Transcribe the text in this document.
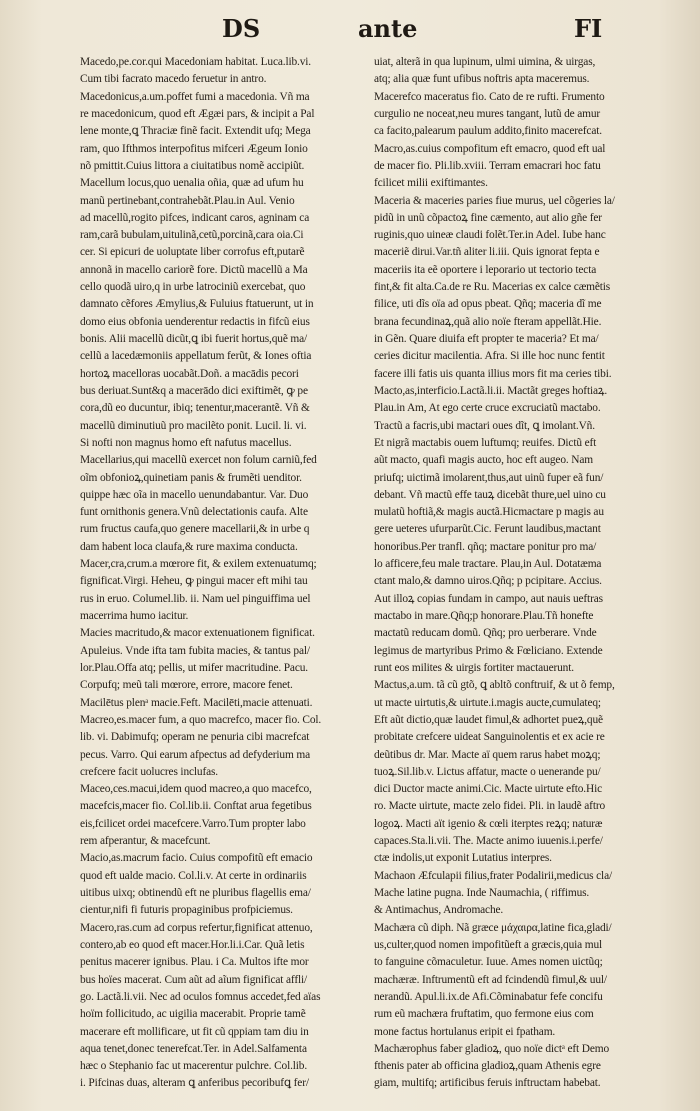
DS	ante	FI
Macedo,pe.cor.qui Macedoniam habitat. Luca.lib.vi.
Cum tibi facrato macedo feruetur in antro.
Macedonicus,a.um.poffet fumi a macedonia. Vñ ma
re macedonicum, quod eft Ægæi pars, & incipit a Pal
lene monte,ꝗ Thraciæ finẽ facit. Extendit ufq; Mega
ram, quo Ifthmos interpofitus mifceri Ægeum Ionio
nõ pmittit.Cuius littora a ciuitatibus nomẽ accipiũt.
Macellum locus,quo uenalia oñia, quæ ad ufum hu
manũ pertinebant,contrahebãt.Plau.in Aul. Venio
ad macellũ,rogito pifces, indicant caros, agninam ca
ram,carã bubulam,uitulinã,cetũ,porcinã,cara oia.Ci
cer. Si epicuri de uoluptate liber corrofus eft,putarẽ
annonã in macello cariorẽ fore. Dictũ macellũ a Ma
cello quodã uiro,q in urbe latrociniũ exercebat, quo
damnato cẽfores Æmylius,& Fuluius ftatuerunt, ut in
domo eius obfonia uenderentur redactis in fifcũ eius
bonis. Alii macellũ dicũt,ꝗ ibi fuerit hortus,quẽ ma/
cellũ a lacedæmoniis appellatum ferũt, & Iones oftia
hortoꝝ macelloras uocabãt.Doñ. a macādis pecori
bus deriuat.Sunt&q a macerādo dici exiftimẽt, ꝙ pe
cora,dũ eo ducuntur, ibiq; tenentur,macerantẽ. Vñ &
macellũ diminutiuũ pro macilẽto ponit. Lucil. li. vi.
Si nofti non magnus homo eft nafutus macellus.
Macellarius,qui macellũ exercet non folum carniũ,fed
oĩm obfonioꝝ,quinetiam panis & frumẽti uenditor.
quippe hæc oĩa in macello uenundabantur. Var. Duo
funt ornithonis genera.Vnũ delectationis caufa. Alte
rum fructus caufa,quo genere macellarii,& in urbe q
dam habent loca claufa,& rure maxima conducta.
Macer,cra,crum.a mœrore fit, & exilem extenuatumq;
fignificat.Virgi. Heheu, ꝙ pingui macer eft mihi tau
rus in eruo. Columel.lib. ii. Nam uel pinguiffima uel
macerrima humo iacitur.
Macies macritudo,& macor extenuationem fignificat.
Apuleius. Vnde ifta tam fubita macies, & tantus pal/
lor.Plau.Offa atq; pellis, ut mifer macritudine. Pacu.
Corpufq; meũ tali mœrore, errore, macore fenet.
Macilētus plenᵃ macie.Feft. Macilēti,macie attenuati.
Macreo,es.macer fum, a quo macrefco, macer fio. Col.
lib. vi. Dabimufq; operam ne penuria cibi macrefcat
pecus. Varro. Qui earum afpectus ad defyderium ma
crefcere facit uolucres inclufas.
Maceo,ces.macui,idem quod macreo,a quo macefco,
macefcis,macer fio. Col.lib.ii. Conftat arua fegetibus
eis,fcilicet ordei macefcere.Varro.Tum propter labo
rem afperantur, & macefcunt.
Macio,as.macrum facio. Cuius compofitũ eft emacio
quod eft ualde macio. Col.li.v. At certe in ordinariis
uitibus uixq; obtinendũ eft ne pluribus flagellis ema/
cientur,nifi fi futuris propaginibus profpiciemus.
Macero,ras.cum ad corpus refertur,fignificat attenuo,
contero,ab eo quod eft macer.Hor.li.i.Car. Quã letis
penitus macerer ignibus. Plau. i Ca. Multos ifte mor
bus hoïes macerat. Cum aũt ad aĩum fignificat affli/
go. Lactã.li.vii. Nec ad oculos fomnus accedet,fed aïas
hoïm follicitudo, ac uigilia macerabit. Proprie tamẽ
macerare eft mollificare, ut fit cũ qppiam tam diu in
aqua tenet,donec tenerefcat.Ter. in Adel.Salfamenta
hæc o Stephanio fac ut macerentur pulchre. Col.lib.
i. Pifcinas duas, alteram ꝗ anferibus pecoribufꝗ fer/
uiat, alterã in qua lupinum, ulmi uimina, & uirgas,
atq; alia quæ funt ufibus noftris apta maceremus.
Macerefco maceratus fio. Cato de re rufti. Frumento
curgulio ne noceat,neu mures tangant, lutũ de amur
ca facito,palearum paulum addito,finito macerefcat.
Macro,as.cuius compofitum eft emacro, quod eft ual
de macer fio. Pli.lib.xviii. Terram emacrari hoc fatu
fcilicet milii exiftimantes.
Maceria & maceries paries fiue murus, uel cõgeries la/
pidũ in unũ cõpactoꝝ fine cæmento, aut alio gñe fer
ruginis,quo uineæ claudi folẽt.Ter.in Adel. Iube hanc
maceriẽ dirui.Var.tñ aliter li.iii. Quis ignorat fepta e
maceriis ita eẽ oportere i leporario ut tectorio tecta
fint,& fit alta.Ca.de re Ru. Macerias ex calce cæmẽtis
filice, uti dĩs oïa ad opus pbeat. Qñq; maceria dĩ me
brana fecundinaꝝ,quã alio noïe fteram appellãt.Hie.
in Gẽn. Quare diuifa eft propter te maceria? Et ma/
ceries dicitur macilentia. Afra. Si ille hoc nunc fentit
facere illi fatis uis quanta illius mors fit ma ceries tibi.
Macto,as,interficio.Lactã.li.ii. Mactãt greges hoftiaꝝ.
Plau.in Am, At ego certe cruce excruciatũ mactabo.
Tractũ a facris,ubi mactari oues dĩt, ꝗ imolant.Vñ.
Et nigrã mactabis ouem luftumq; reuifes. Dictũ eft
aũt macto, quafi magis aucto, hoc eft augeo. Nam
priufq; uictimã imolarent,thus,aut uinũ fuper eã fun/
debant. Vñ mactũ effe tauꝝ dicebãt thure,uel uino cu
mulatũ hoftiã,& magis auctã.Hicmactare p magis au
gere ueteres ufurparũt.Cic. Ferunt laudibus,mactant
honoribus.Per tranfl. qñq; mactare ponitur pro ma/
lo afficere,feu male tractare. Plau,in Aul. Dotatæma
ctant malo,& damno uiros.Qñq; p pcipitare. Accius.
Aut illoꝝ copias fundam in campo, aut nauis ueftras
mactabo in mare.Qñq;p honorare.Plau.Tñ honefte
mactatũ reducam domũ. Qñq; pro uerberare. Vnde
legimus de martyribus Primo & Fœliciano. Extende
runt eos milites & uirgis fortiter mactauerunt.
Mactus,a.um. tã cũ gtõ, ꝗ abltõ conftruif, & ut õ femp,
ut macte uirtutis,& uirtute.i.magis aucte,cumulateq;
Eft aũt dictio,quæ laudet fimul,& adhortet pueꝝ,quẽ
probitate crefcere uideat Sanguinolentis et ex acie re
deũtibus dr. Mar. Macte aï quem rarus habet moꝝq;
tuoꝝ.Sil.lib.v. Lictus affatur, macte o uenerande pu/
dici Ductor macte animi.Cic. Macte uirtute efto.Hic
ro. Macte uirtute, macte zelo fidei. Pli. in laudẽ aftro
logoꝝ. Macti aït igenio & cœli iterptes reꝝq; naturæ
capaces.Sta.li.vii. The. Macte animo iuuenis.i.perfe/
ctæ indolis,ut exponit Lutatius interpres.
Machaon Æfculapii filius,frater Podalirii,medicus cla/
Mache latine pugna. Inde Naumachia, ( riffimus.
& Antimachus, Andromache.
Machæra cũ diph. Nã græce μάχαιρα,latine fica,gladi/
us,culter,quod nomen impofitũeft a græcis,quia mul
to fanguine cõmaculetur. Iuue. Ames nomen uictũq;
machæræ. Inftrumentũ eft ad fcindendũ fimul,& uul/
nerandũ. Apul.li.ix.de Afi.Cõminabatur fefe concifu
rum eũ machæra fruftatim, quo fermone eius com
mone factus hortulanus eripit ei fpatham.
Machærophus faber gladioꝝ, quo noïe dictᵃ eft Demo
fthenis pater ab officina gladioꝝ,quam Athenis egre
giam, multifq; artificibus feruis inftructam habebat.
